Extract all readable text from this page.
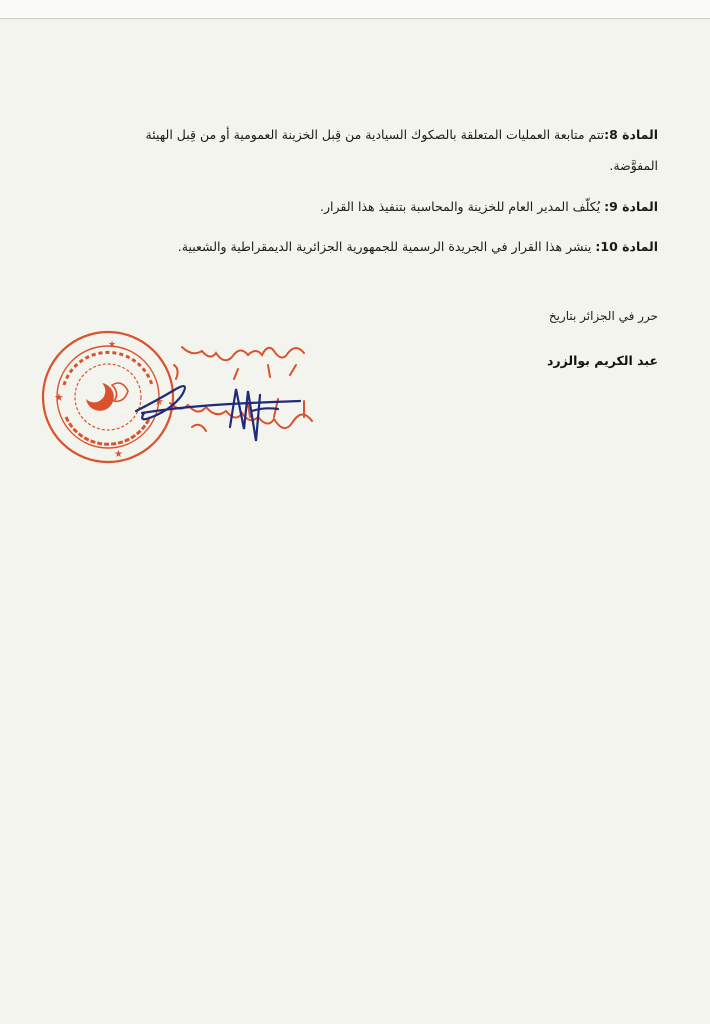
المادة 8:تتم متابعة العمليات المتعلقة بالصكوك السيادية من قِبل الخزينة العمومية أو من قِبل الهيئة المفوَّضة.

المادة 9: يُكلّف المدير العام للخزينة والمحاسبة بتنفيذ هذا القرار.

المادة 10: ينشر هذا القرار في الجريدة الرسمية للجمهورية الجزائرية الديمقراطية والشعبية.

حرر في الجزائر بتاريخ
عبد الكريم بوالزرد
★	★
★
★
